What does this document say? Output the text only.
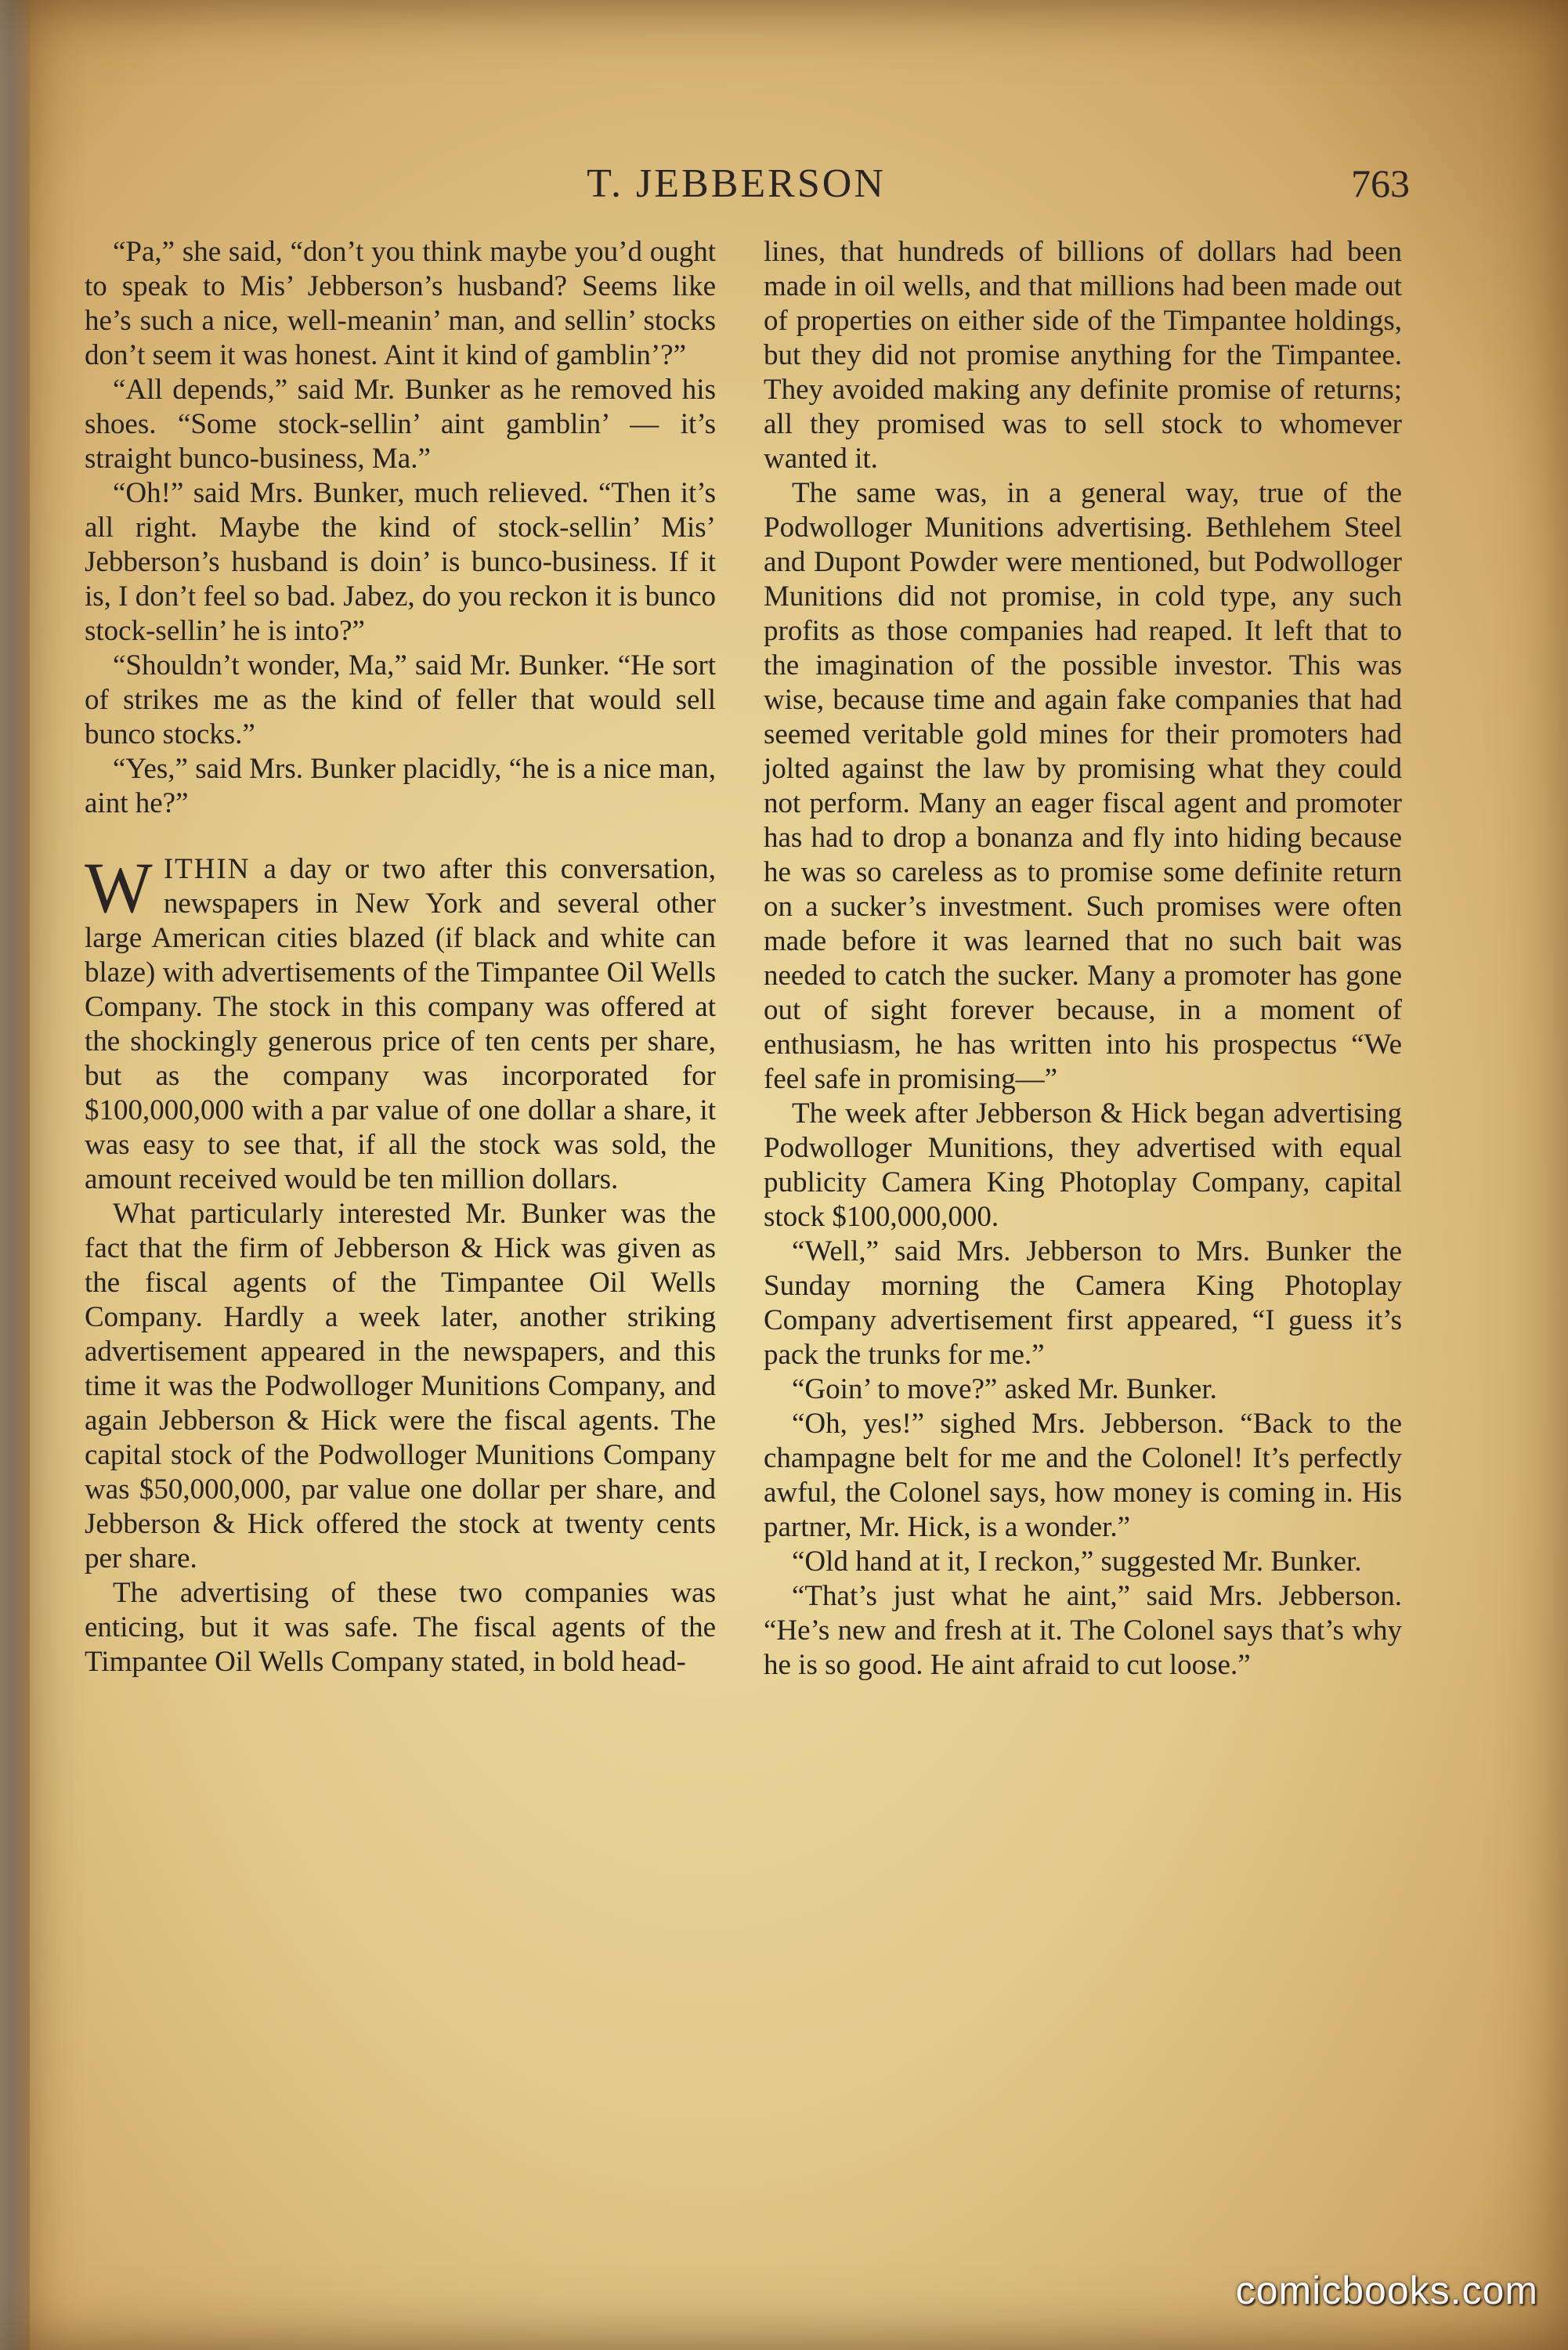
T. JEBBERSON	763

“Pa,” she said, “don’t you think maybe you’d ought to speak to Mis’ Jebberson’s husband? Seems like he’s such a nice, well-meanin’ man, and sellin’ stocks don’t seem it was honest. Aint it kind of gamblin’?”

“All depends,” said Mr. Bunker as he removed his shoes. “Some stock-sellin’ aint gamblin’ — it’s straight bunco-business, Ma.”

“Oh!” said Mrs. Bunker, much relieved. “Then it’s all right. Maybe the kind of stock-sellin’ Mis’ Jebberson’s husband is doin’ is bunco-business. If it is, I don’t feel so bad. Jabez, do you reckon it is bunco stock-sellin’ he is into?”

“Shouldn’t wonder, Ma,” said Mr. Bunker. “He sort of strikes me as the kind of feller that would sell bunco stocks.”

“Yes,” said Mrs. Bunker placidly, “he is a nice man, aint he?”

WITHIN a day or two after this conversation, newspapers in New York and several other large American cities blazed (if black and white can blaze) with advertisements of the Timpantee Oil Wells Company. The stock in this company was offered at the shockingly generous price of ten cents per share, but as the company was incorporated for $100,000,000 with a par value of one dollar a share, it was easy to see that, if all the stock was sold, the amount received would be ten million dollars.

What particularly interested Mr. Bunker was the fact that the firm of Jebberson & Hick was given as the fiscal agents of the Timpantee Oil Wells Company. Hardly a week later, another striking advertisement appeared in the newspapers, and this time it was the Podwolloger Munitions Company, and again Jebberson & Hick were the fiscal agents. The capital stock of the Podwolloger Munitions Company was $50,000,000, par value one dollar per share, and Jebberson & Hick offered the stock at twenty cents per share.

The advertising of these two companies was enticing, but it was safe. The fiscal agents of the Timpantee Oil Wells Company stated, in bold head-

lines, that hundreds of billions of dollars had been made in oil wells, and that millions had been made out of properties on either side of the Timpantee holdings, but they did not promise anything for the Timpantee. They avoided making any definite promise of returns; all they promised was to sell stock to whomever wanted it.

The same was, in a general way, true of the Podwolloger Munitions advertising. Bethlehem Steel and Dupont Powder were mentioned, but Podwolloger Munitions did not promise, in cold type, any such profits as those companies had reaped. It left that to the imagination of the possible investor. This was wise, because time and again fake companies that had seemed veritable gold mines for their promoters had jolted against the law by promising what they could not perform. Many an eager fiscal agent and promoter has had to drop a bonanza and fly into hiding because he was so careless as to promise some definite return on a sucker’s investment. Such promises were often made before it was learned that no such bait was needed to catch the sucker. Many a promoter has gone out of sight forever because, in a moment of enthusiasm, he has written into his prospectus “We feel safe in promising—”

The week after Jebberson & Hick began advertising Podwolloger Munitions, they advertised with equal publicity Camera King Photoplay Company, capital stock $100,000,000.

“Well,” said Mrs. Jebberson to Mrs. Bunker the Sunday morning the Camera King Photoplay Company advertisement first appeared, “I guess it’s pack the trunks for me.”

“Goin’ to move?” asked Mr. Bunker.

“Oh, yes!” sighed Mrs. Jebberson. “Back to the champagne belt for me and the Colonel! It’s perfectly awful, the Colonel says, how money is coming in. His partner, Mr. Hick, is a wonder.”

“Old hand at it, I reckon,” suggested Mr. Bunker.

“That’s just what he aint,” said Mrs. Jebberson. “He’s new and fresh at it. The Colonel says that’s why he is so good. He aint afraid to cut loose.”

comicbooks.com
